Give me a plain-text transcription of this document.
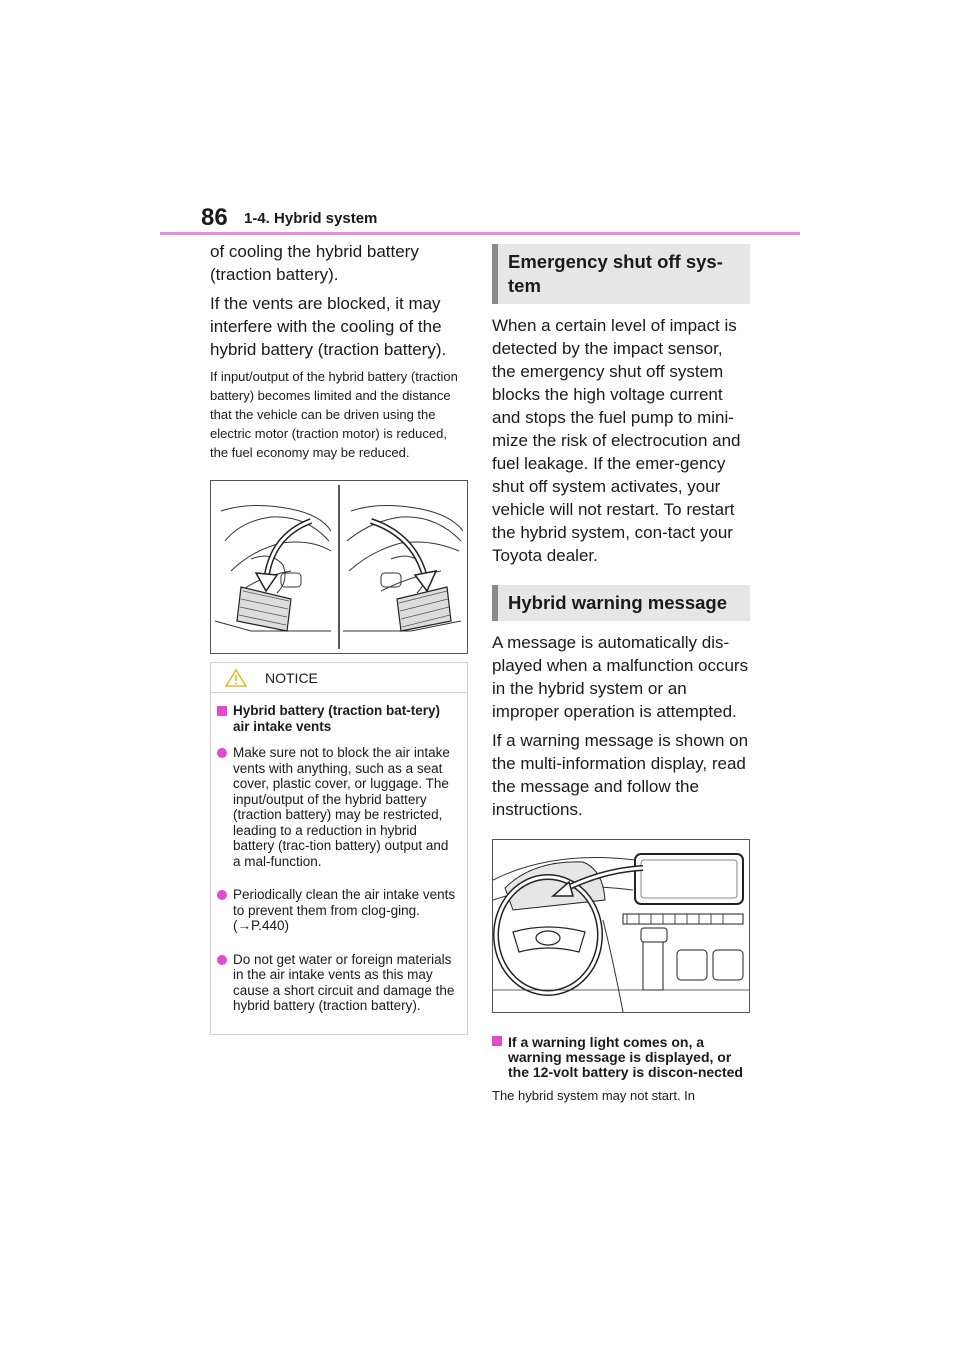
86 1-4. Hybrid system

of cooling the hybrid battery (traction battery).

If the vents are blocked, it may interfere with the cooling of the hybrid battery (traction battery).

If input/output of the hybrid battery (traction battery) becomes limited and the distance that the vehicle can be driven using the electric motor (traction motor) is reduced, the fuel economy may be reduced.

NOTICE
Hybrid battery (traction bat-tery) air intake vents
Make sure not to block the air intake vents with anything, such as a seat cover, plastic cover, or luggage. The input/output of the hybrid battery (traction battery) may be restricted, leading to a reduction in hybrid battery (trac-tion battery) output and a mal-function.
Periodically clean the air intake vents to prevent them from clog-ging. (→P.440)
Do not get water or foreign materials in the air intake vents as this may cause a short circuit and damage the hybrid battery (traction battery).
Emergency shut off sys-tem

When a certain level of impact is detected by the impact sensor, the emergency shut off system blocks the high voltage current and stops the fuel pump to mini-mize the risk of electrocution and fuel leakage. If the emer-gency shut off system activates, your vehicle will not restart. To restart the hybrid system, con-tact your Toyota dealer.

Hybrid warning message

A message is automatically dis-played when a malfunction occurs in the hybrid system or an improper operation is attempted.

If a warning message is shown on the multi-information display, read the message and follow the instructions.

If a warning light comes on, a warning message is displayed, or the 12-volt battery is discon-nected

The hybrid system may not start. In
